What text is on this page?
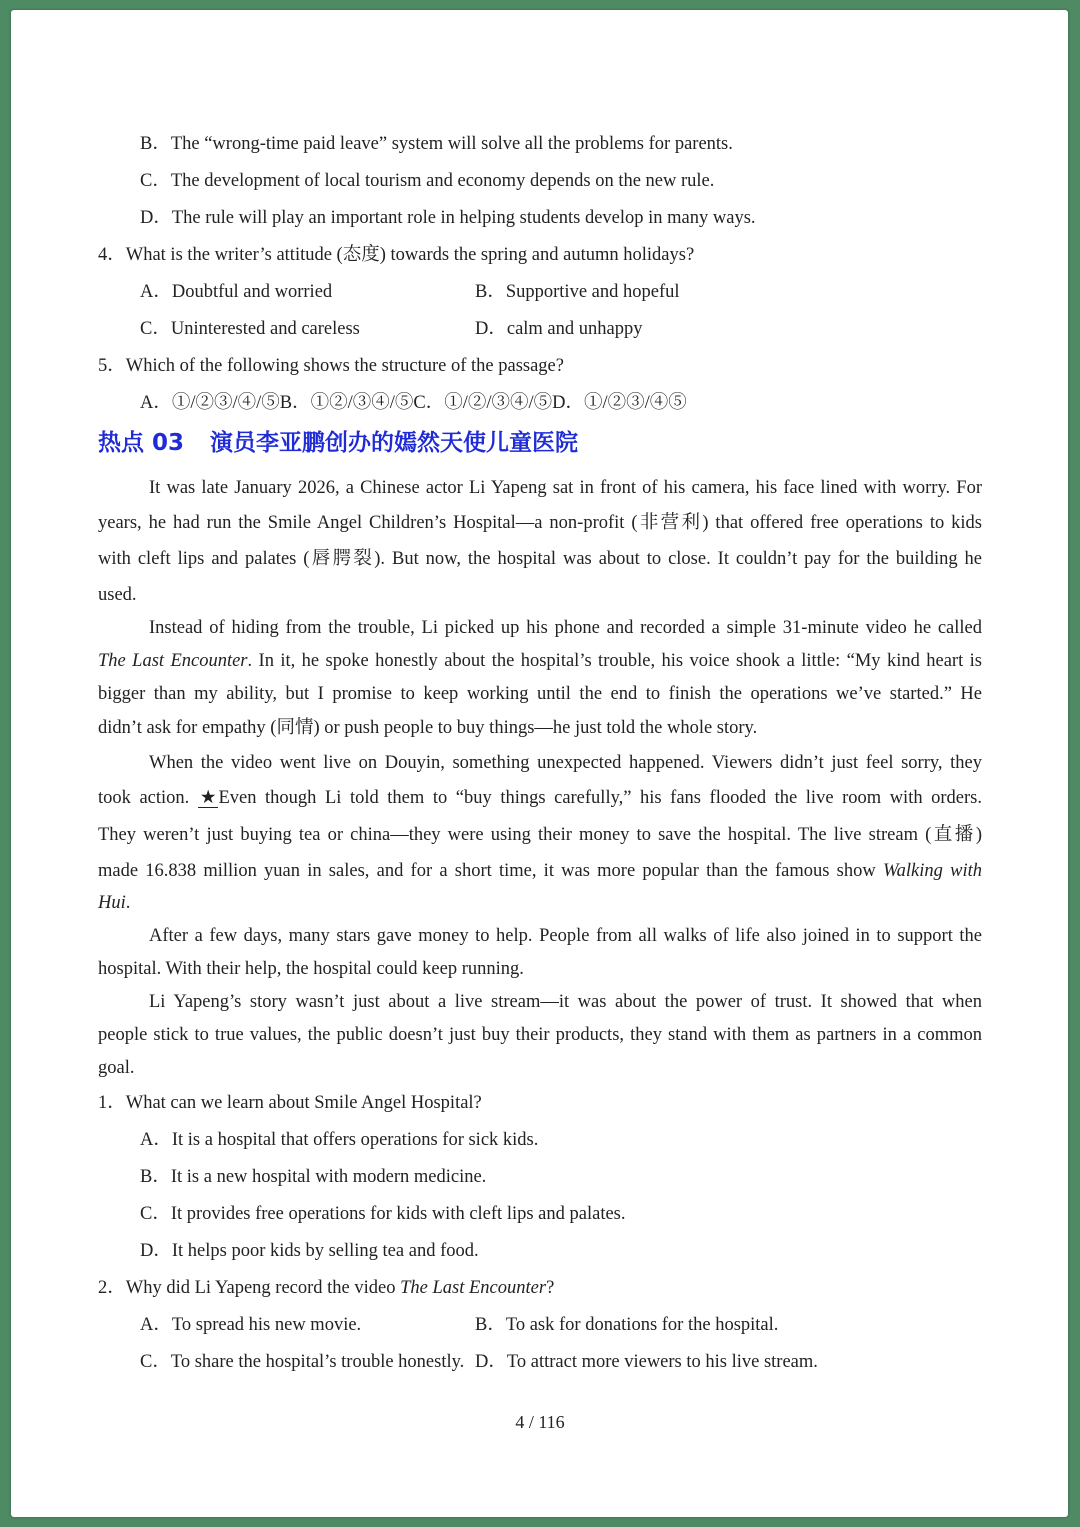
B．The “wrong-time paid leave” system will solve all the problems for parents.
C．The development of local tourism and economy depends on the new rule.
D．The rule will play an important role in helping students develop in many ways.
4．What is the writer’s attitude (态度) towards the spring and autumn holidays?
A．Doubtful and worried	B．Supportive and hopeful
C．Uninterested and careless	D．calm and unhappy
5．Which of the following shows the structure of the passage?
A．①/②③/④/⑤B．①②/③④/⑤C．①/②/③④/⑤D．①/②③/④⑤
热点 03 演员李亚鹏创办的嫣然天使儿童医院
It was late January 2026, a Chinese actor Li Yapeng sat in front of his camera, his face lined with worry. For
years, he had run the Smile Angel Children’s Hospital—a non-profit (非营利) that offered free operations to kids
with cleft lips and palates (唇腭裂). But now, the hospital was about to close. It couldn’t pay for the building he
used.
Instead of hiding from the trouble, Li picked up his phone and recorded a simple 31-minute video he called
The Last Encounter. In it, he spoke honestly about the hospital’s trouble, his voice shook a little: “My kind heart is
bigger than my ability, but I promise to keep working until the end to finish the operations we’ve started.” He
didn’t ask for empathy (同情) or push people to buy things—he just told the whole story.
When the video went live on Douyin, something unexpected happened. Viewers didn’t just feel sorry, they
took action. ★ Even though Li told them to “buy things carefully,” his fans flooded the live room with orders.
They weren’t just buying tea or china—they were using their money to save the hospital. The live stream (直播)
made 16.838 million yuan in sales, and for a short time, it was more popular than the famous show Walking with
Hui.
After a few days, many stars gave money to help. People from all walks of life also joined in to support the
hospital. With their help, the hospital could keep running.
Li Yapeng’s story wasn’t just about a live stream—it was about the power of trust. It showed that when
people stick to true values, the public doesn’t just buy their products, they stand with them as partners in a common
goal.
1．What can we learn about Smile Angel Hospital?
A．It is a hospital that offers operations for sick kids.
B．It is a new hospital with modern medicine.
C．It provides free operations for kids with cleft lips and palates.
D．It helps poor kids by selling tea and food.
2．Why did Li Yapeng record the video The Last Encounter?
A．To spread his new movie.	B．To ask for donations for the hospital.
C．To share the hospital’s trouble honestly. D．To attract more viewers to his live stream.
4 / 116
